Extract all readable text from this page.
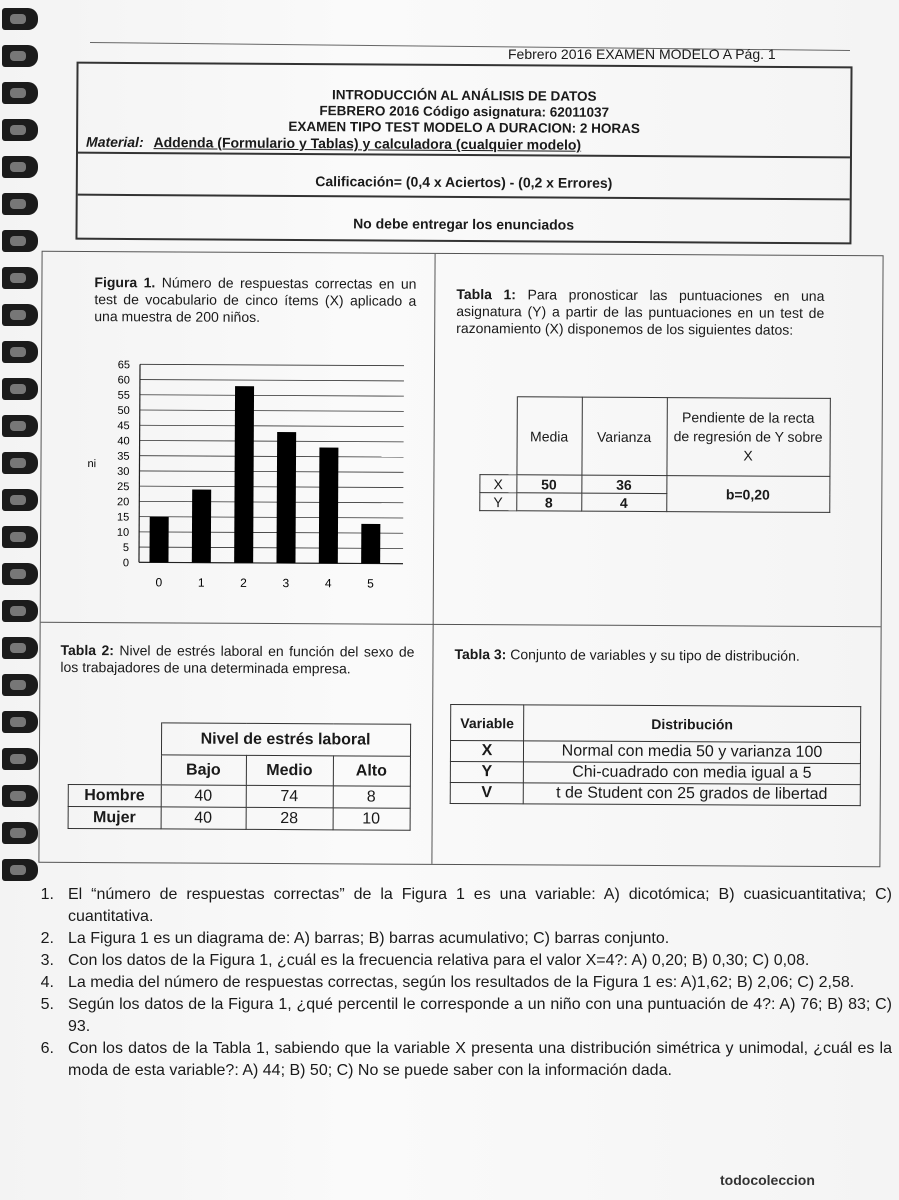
Febrero 2016 EXAMEN MODELO A Pág. 1
INTRODUCCIÓN AL ANÁLISIS DE DATOS
FEBRERO 2016 Código asignatura: 62011037
EXAMEN TIPO TEST MODELO A DURACION: 2 HORAS
Material: Addenda (Formulario y Tablas) y calculadora (cualquier modelo)
Calificación= (0,4 x Aciertos) - (0,2 x Errores)
No debe entregar los enunciados
Figura 1. Número de respuestas correctas en un test de vocabulario de cinco ítems (X) aplicado a una muestra de 200 niños.
0
5
10
15
20
25
30
35
40
45
50
55
60
65
ni
0	1	2	3	4	5
Tabla 1: Para pronosticar las puntuaciones en una asignatura (Y) a partir de las puntuaciones en un test de razonamiento (X) disponemos de los siguientes datos:
	Media	Varianza	Pendiente de la recta de regresión de Y sobre X
X	50	36	b=0,20
Y	8	4	
Tabla 2: Nivel de estrés laboral en función del sexo de los trabajadores de una determinada empresa.
	Nivel de estrés laboral		
	Bajo	Medio	Alto
Hombre	40	74	8
Mujer	40	28	10
Tabla 3: Conjunto de variables y su tipo de distribución.
Variable	Distribución
X	Normal con media 50 y varianza 100
Y	Chi-cuadrado con media igual a 5
V	t de Student con 25 grados de libertad
1. El “número de respuestas correctas” de la Figura 1 es una variable: A) dicotómica; B) cuasicuantitativa; C) cuantitativa.
2. La Figura 1 es un diagrama de: A) barras; B) barras acumulativo; C) barras conjunto.
3. Con los datos de la Figura 1, ¿cuál es la frecuencia relativa para el valor X=4?: A) 0,20; B) 0,30; C) 0,08.
4. La media del número de respuestas correctas, según los resultados de la Figura 1 es: A)1,62; B) 2,06; C) 2,58.
5. Según los datos de la Figura 1, ¿qué percentil le corresponde a un niño con una puntuación de 4?: A) 76; B) 83; C) 93.
6. Con los datos de la Tabla 1, sabiendo que la variable X presenta una distribución simétrica y unimodal, ¿cuál es la moda de esta variable?: A) 44; B) 50; C) No se puede saber con la información dada.
todocoleccion
